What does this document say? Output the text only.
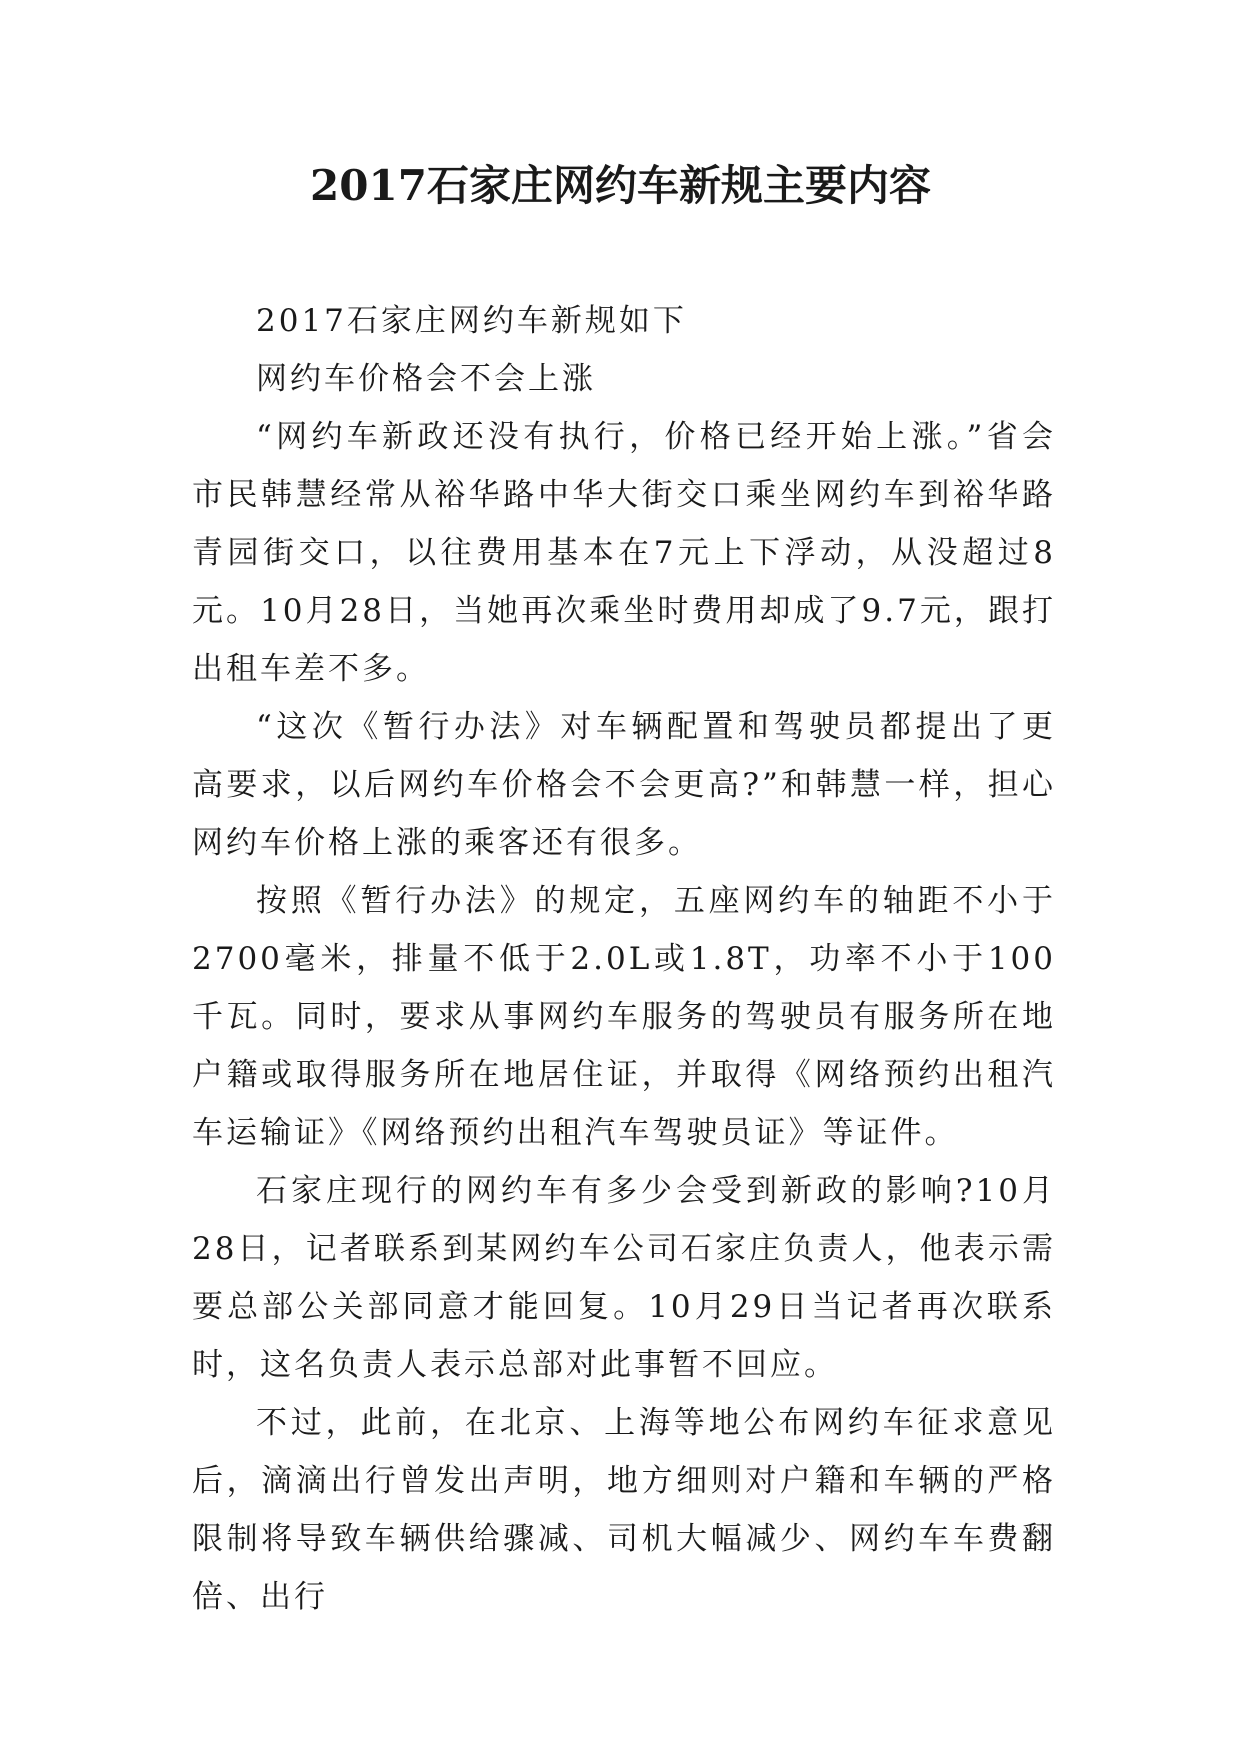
2017石家庄网约车新规主要内容

2017石家庄网约车新规如下

网约车价格会不会上涨

“网约车新政还没有执行，价格已经开始上涨。”省会市民韩慧经常从裕华路中华大街交口乘坐网约车到裕华路青园街交口，以往费用基本在7元上下浮动，从没超过8元。10月28日，当她再次乘坐时费用却成了9.7元，跟打出租车差不多。

“这次《暂行办法》对车辆配置和驾驶员都提出了更高要求，以后网约车价格会不会更高?”和韩慧一样，担心网约车价格上涨的乘客还有很多。

按照《暂行办法》的规定，五座网约车的轴距不小于2700毫米，排量不低于2.0L或1.8T，功率不小于100千瓦。同时，要求从事网约车服务的驾驶员有服务所在地户籍或取得服务所在地居住证，并取得《网络预约出租汽车运输证》《网络预约出租汽车驾驶员证》等证件。

石家庄现行的网约车有多少会受到新政的影响?10月28日，记者联系到某网约车公司石家庄负责人，他表示需要总部公关部同意才能回复。10月29日当记者再次联系时，这名负责人表示总部对此事暂不回应。

不过，此前，在北京、上海等地公布网约车征求意见后，滴滴出行曾发出声明，地方细则对户籍和车辆的严格限制将导致车辆供给骤减、司机大幅减少、网约车车费翻倍、出行
